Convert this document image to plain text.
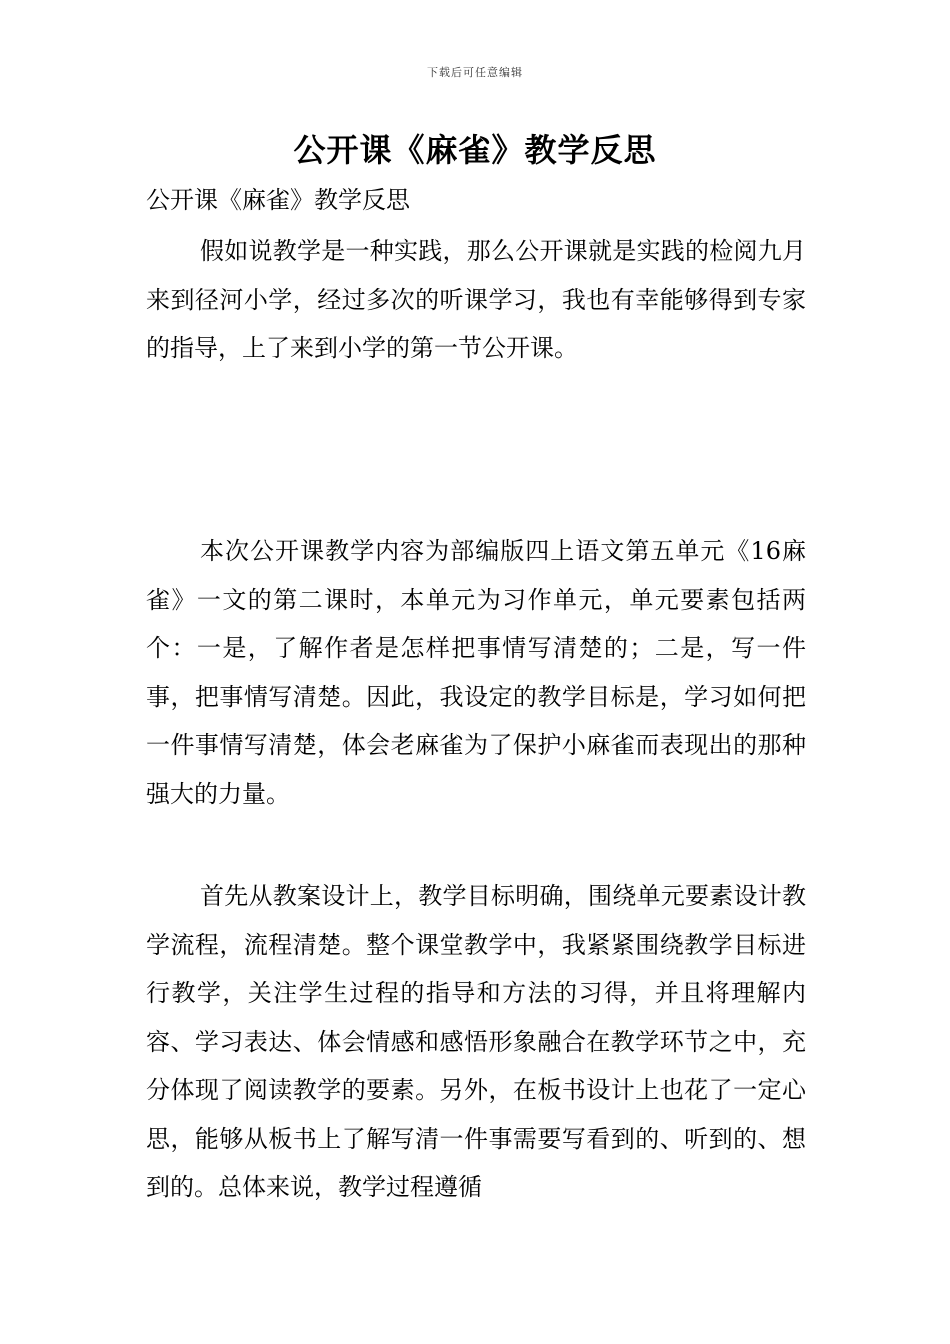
下载后可任意编辑
公开课《麻雀》教学反思
公开课《麻雀》教学反思

假如说教学是一种实践，那么公开课就是实践的检阅九月来到径河小学，经过多次的听课学习，我也有幸能够得到专家的指导，上了来到小学的第一节公开课。

本次公开课教学内容为部编版四上语文第五单元《16麻雀》一文的第二课时，本单元为习作单元，单元要素包括两个：一是，了解作者是怎样把事情写清楚的；二是，写一件事，把事情写清楚。因此，我设定的教学目标是，学习如何把一件事情写清楚，体会老麻雀为了保护小麻雀而表现出的那种强大的力量。

首先从教案设计上，教学目标明确，围绕单元要素设计教学流程，流程清楚。整个课堂教学中，我紧紧围绕教学目标进行教学，关注学生过程的指导和方法的习得，并且将理解内容、学习表达、体会情感和感悟形象融合在教学环节之中，充分体现了阅读教学的要素。另外，在板书设计上也花了一定心思，能够从板书上了解写清一件事需要写看到的、听到的、想到的。总体来说，教学过程遵循
